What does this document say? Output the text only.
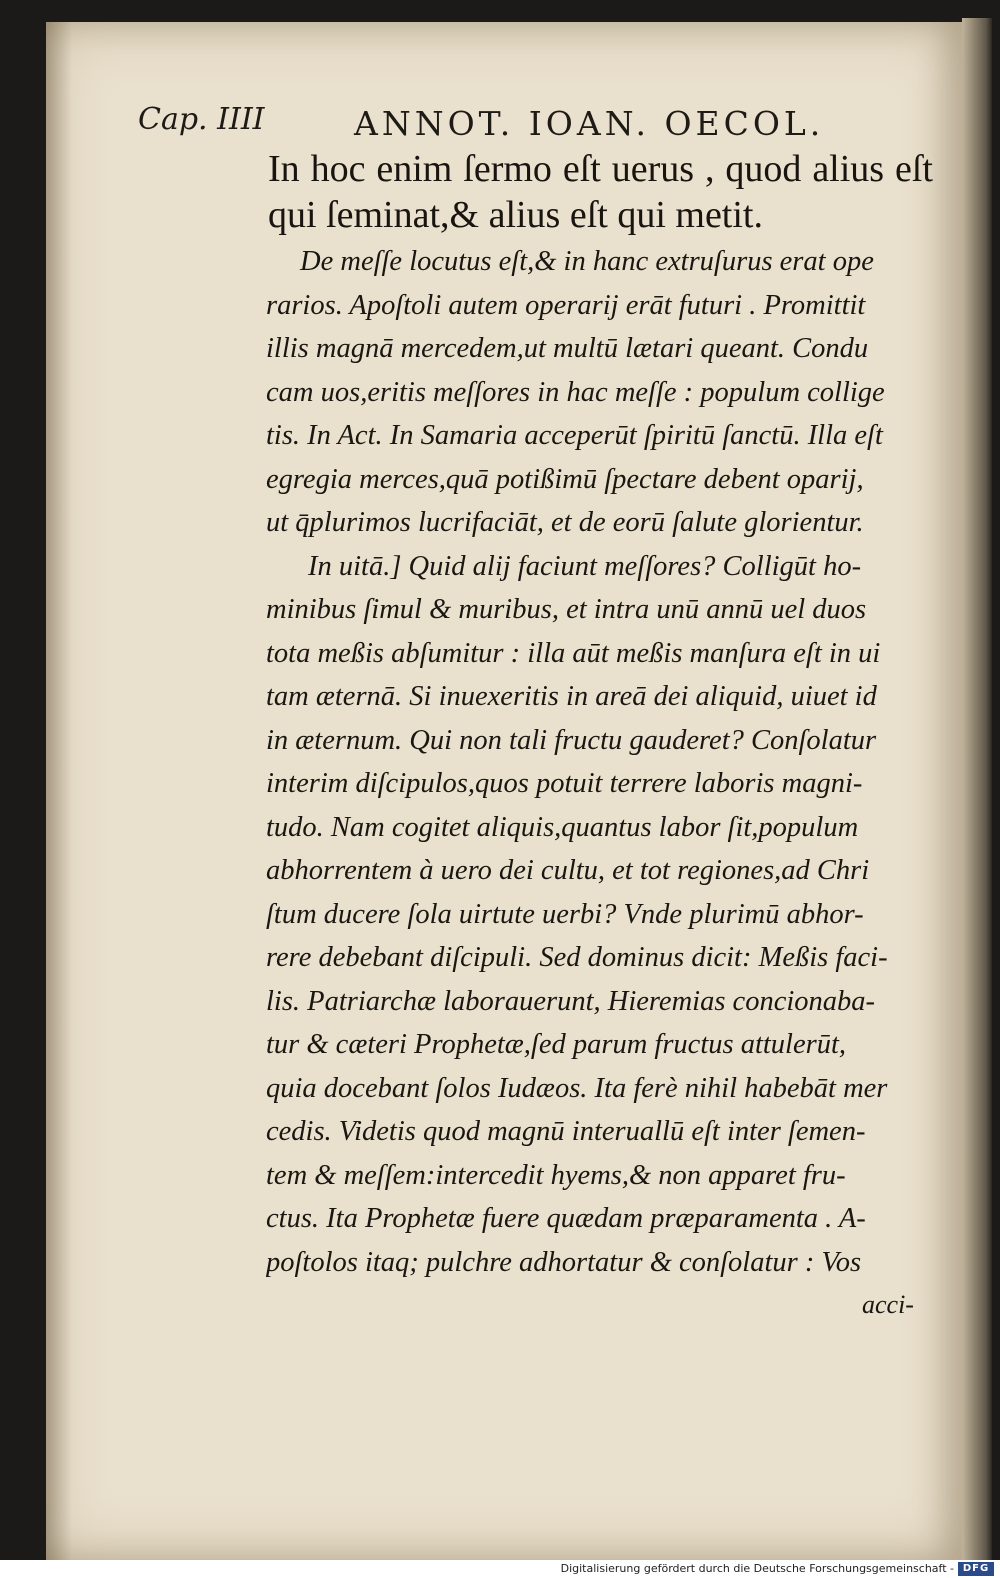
Cap. IIII	ANNOT. IOAN. OECOL.
In hoc enim ſermo eſt uerus , quod alius eſt qui ſeminat,& alius eſt qui metit.
De meſſe locutus eſt,& in hanc extruſurus erat ope
rarios. Apoſtoli autem operarij erāt futuri . Promittit
illis magnā mercedem,ut multū lætari queant. Condu
cam uos,eritis meſſores in hac meſſe : populum collige
tis. In Act. In Samaria acceperūt ſpiritū ſanctū. Illa eſt
egregia merces,quā potißimū ſpectare debent oparij,
ut q̄plurimos lucrifaciāt, et de eorū ſalute glorientur.
In uitā.] Quid alij faciunt meſſores? Colligūt ho-
minibus ſimul & muribus, et intra unū annū uel duos
tota meßis abſumitur : illa aūt meßis manſura eſt in ui
tam æternā. Si inuexeritis in areā dei aliquid, uiuet id
in æternum. Qui non tali fructu gauderet? Conſolatur
interim diſcipulos,quos potuit terrere laboris magni-
tudo. Nam cogitet aliquis,quantus labor ſit,populum
abhorrentem à uero dei cultu, et tot regiones,ad Chri
ſtum ducere ſola uirtute uerbi? Vnde plurimū abhor-
rere debebant diſcipuli. Sed dominus dicit: Meßis faci-
lis. Patriarchæ laborauerunt, Hieremias concionaba-
tur & cæteri Prophetæ,ſed parum fructus attulerūt,
quia docebant ſolos Iudæos. Ita ferè nihil habebāt mer
cedis. Videtis quod magnū interuallū eſt inter ſemen-
tem & meſſem:intercedit hyems,& non apparet fru-
ctus. Ita Prophetæ fuere quædam præparamenta . A-
poſtolos itaq; pulchre adhortatur & conſolatur : Vos
acci-
Digitalisierung gefördert durch die Deutsche Forschungsgemeinschaft - DFG
